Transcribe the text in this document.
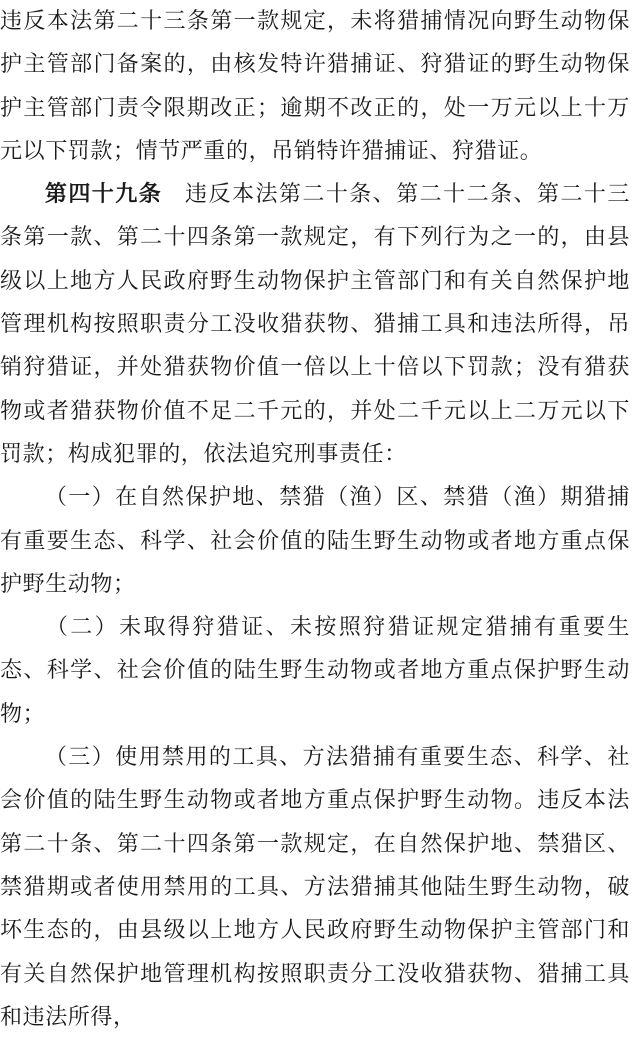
违反本法第二十三条第一款规定，未将猎捕情况向野生动物保护主管部门备案的，由核发特许猎捕证、狩猎证的野生动物保护主管部门责令限期改正；逾期不改正的，处一万元以上十万元以下罚款；情节严重的，吊销特许猎捕证、狩猎证。

第四十九条 违反本法第二十条、第二十二条、第二十三条第一款、第二十四条第一款规定，有下列行为之一的，由县级以上地方人民政府野生动物保护主管部门和有关自然保护地管理机构按照职责分工没收猎获物、猎捕工具和违法所得，吊销狩猎证，并处猎获物价值一倍以上十倍以下罚款；没有猎获物或者猎获物价值不足二千元的，并处二千元以上二万元以下罚款；构成犯罪的，依法追究刑事责任：

（一）在自然保护地、禁猎（渔）区、禁猎（渔）期猎捕有重要生态、科学、社会价值的陆生野生动物或者地方重点保护野生动物；

（二）未取得狩猎证、未按照狩猎证规定猎捕有重要生态、科学、社会价值的陆生野生动物或者地方重点保护野生动物；

（三）使用禁用的工具、方法猎捕有重要生态、科学、社会价值的陆生野生动物或者地方重点保护野生动物。违反本法第二十条、第二十四条第一款规定，在自然保护地、禁猎区、禁猎期或者使用禁用的工具、方法猎捕其他陆生野生动物，破坏生态的，由县级以上地方人民政府野生动物保护主管部门和有关自然保护地管理机构按照职责分工没收猎获物、猎捕工具和违法所得，
